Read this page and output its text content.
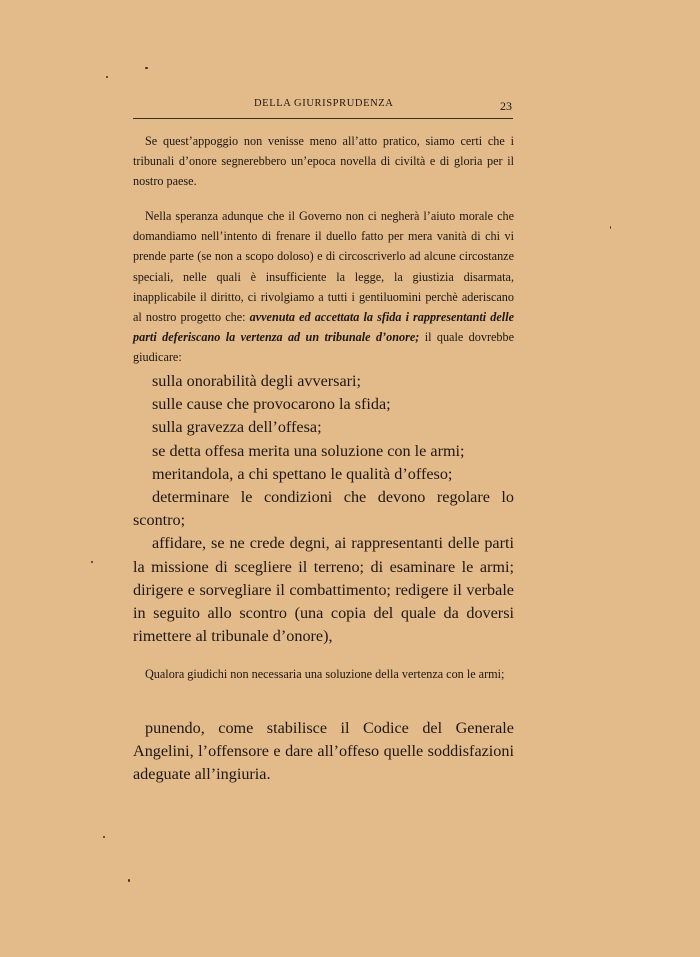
DELLA GIURISPRUDENZA	23

Se quest’appoggio non venisse meno all’atto pratico, siamo certi che i tribunali d’onore segnerebbero un’epoca novella di civiltà e di gloria per il nostro paese.

Nella speranza adunque che il Governo non ci negherà l’aiuto morale che domandiamo nell’intento di frenare il duello fatto per mera vanità di chi vi prende parte (se non a scopo doloso) e di circoscriverlo ad alcune circostanze speciali, nelle quali è insufficiente la legge, la giustizia disarmata, inapplicabile il diritto, ci rivolgiamo a tutti i gentiluomini perchè aderiscano al nostro progetto che: avvenuta ed accettata la sfida i rappresentanti delle parti deferiscano la vertenza ad un tribunale d’onore; il quale dovrebbe giudicare:

sulla onorabilità degli avversari;
sulle cause che provocarono la sfida;
sulla gravezza dell’offesa;
se detta offesa merita una soluzione con le armi;
meritandola, a chi spettano le qualità d’offeso;
determinare le condizioni che devono regolare lo scontro;
affidare, se ne crede degni, ai rappresentanti delle parti la missione di scegliere il terreno; di esaminare le armi; dirigere e sorvegliare il combattimento; redigere il verbale in seguito allo scontro (una copia del quale da doversi rimettere al tribunale d’onore),

Qualora giudichi non necessaria una soluzione della vertenza con le armi;

punendo, come stabilisce il Codice del Generale Angelini, l’offensore e dare all’offeso quelle soddisfazioni adeguate all’ingiuria.
